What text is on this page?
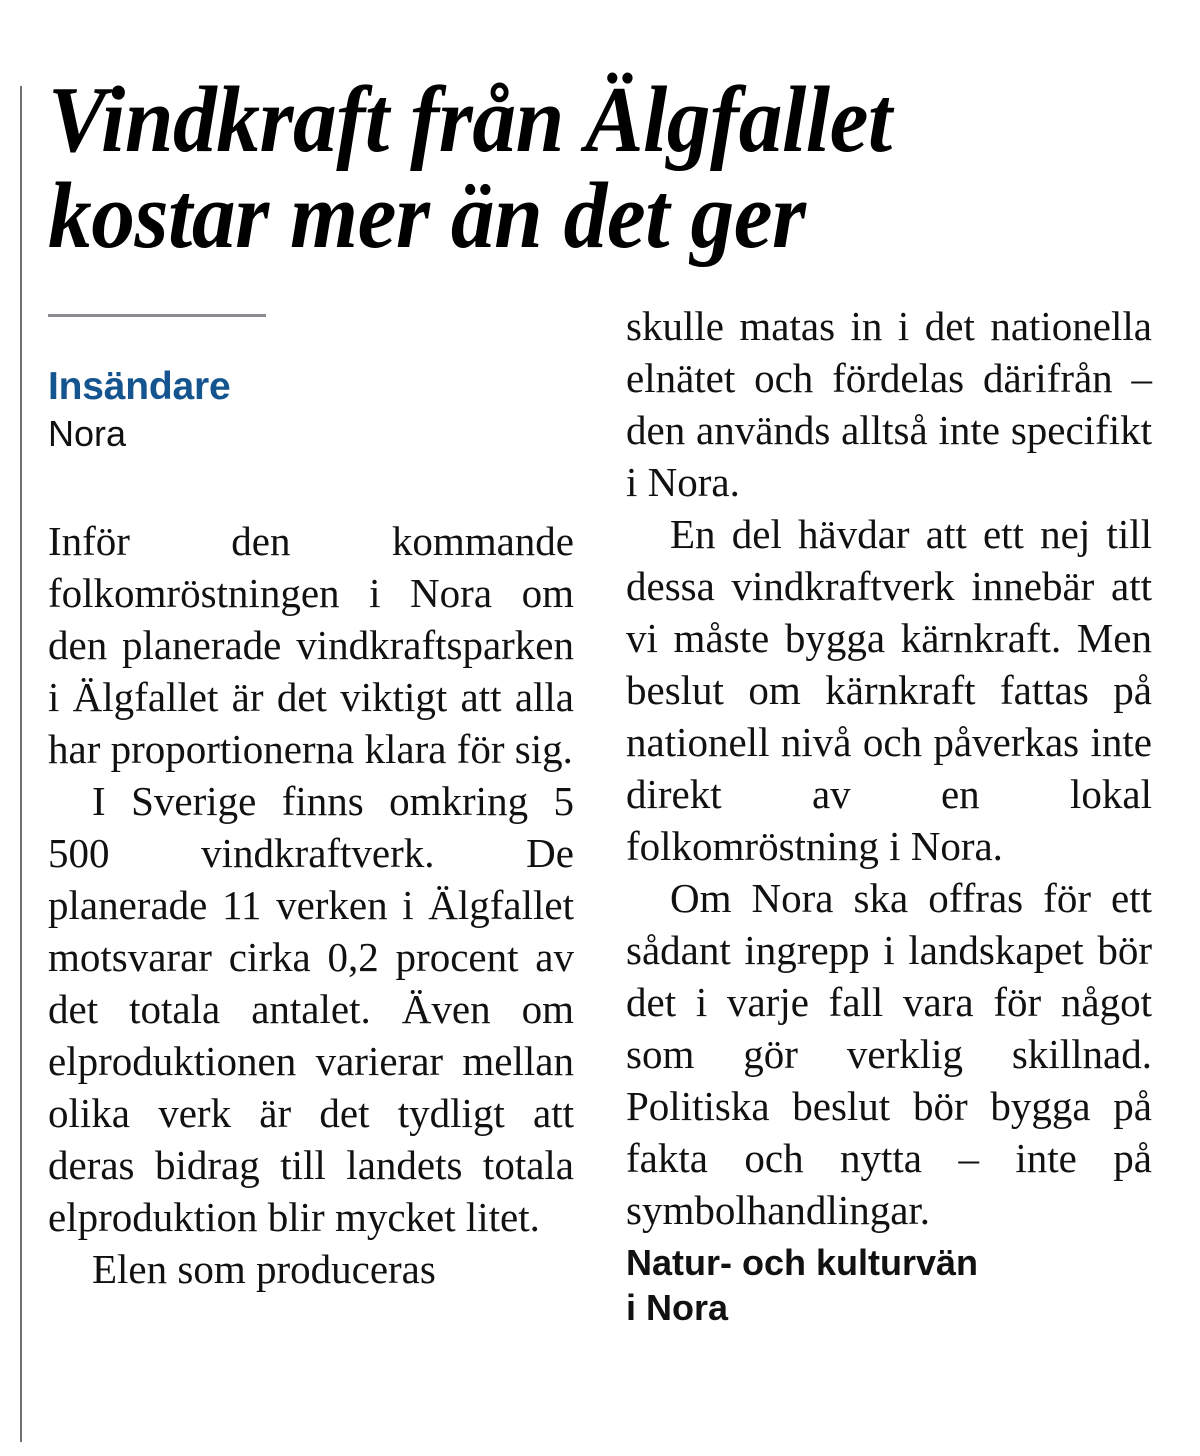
Vindkraft från Älgfallet kostar mer än det ger
Insändare
Nora

Inför den kommande folkomröstningen i Nora om den planerade vindkraftsparken i Älgfallet är det viktigt att alla har proportionerna klara för sig.

I Sverige finns omkring 5 500 vindkraftverk. De planerade 11 verken i Älgfallet motsvarar cirka 0,2 procent av det totala antalet. Även om elproduktionen varierar mellan olika verk är det tydligt att deras bidrag till landets totala elproduktion blir mycket litet.

Elen som produceras

skulle matas in i det nationella elnätet och fördelas därifrån – den används alltså inte specifikt i Nora.

En del hävdar att ett nej till dessa vindkraftverk innebär att vi måste bygga kärnkraft. Men beslut om kärnkraft fattas på nationell nivå och påverkas inte direkt av en lokal folkomröstning i Nora.

Om Nora ska offras för ett sådant ingrepp i landskapet bör det i varje fall vara för något som gör verklig skillnad. Politiska beslut bör bygga på fakta och nytta – inte på symbolhandlingar.

Natur- och kulturvän
i Nora
